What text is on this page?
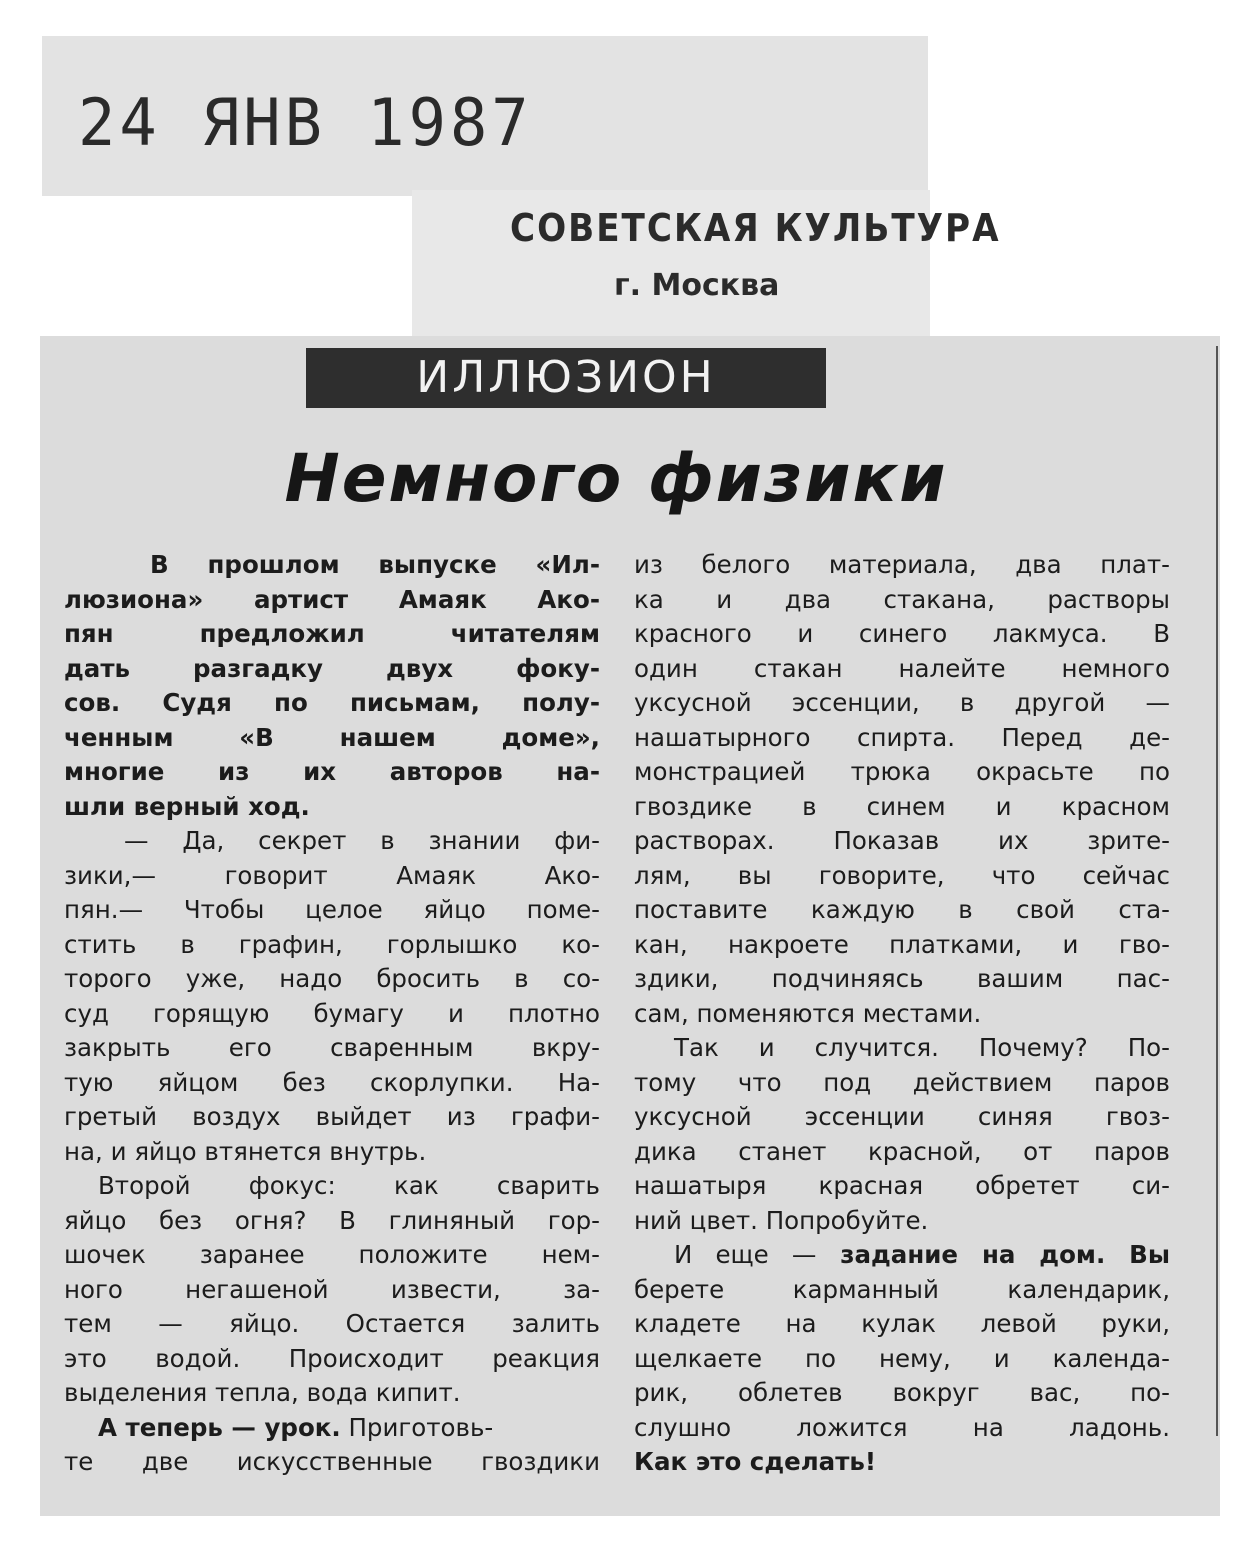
24 ЯНВ 1987
СОВЕТСКАЯ КУЛЬТУРА
г. Москва
ИЛЛЮЗИОН
Немного физики
В прошлом выпуске «Ил-
люзиона» артист Амаяк Ако-
пян предложил читателям
дать разгадку двух фоку-
сов. Судя по письмам, полу-
ченным «В нашем доме»,
многие из их авторов на-
шли верный ход.
— Да, секрет в знании фи-
зики,— говорит Амаяк Ако-
пян.— Чтобы целое яйцо поме-
стить в графин, горлышко ко-
торого уже, надо бросить в со-
суд горящую бумагу и плотно
закрыть его сваренным вкру-
тую яйцом без скорлупки. На-
гретый воздух выйдет из графи-
на, и яйцо втянется внутрь.
Второй фокус: как сварить
яйцо без огня? В глиняный гор-
шочек заранее положите нем-
ного негашеной извести, за-
тем — яйцо. Остается залить
это водой. Происходит реакция
выделения тепла, вода кипит.
А теперь — урок. Приготовь-
те две искусственные гвоздики
из белого материала, два плат-
ка и два стакана, растворы
красного и синего лакмуса. В
один стакан налейте немного
уксусной эссенции, в другой —
нашатырного спирта. Перед де-
монстрацией трюка окрасьте по
гвоздике в синем и красном
растворах. Показав их зрите-
лям, вы говорите, что сейчас
поставите каждую в свой ста-
кан, накроете платками, и гво-
здики, подчиняясь вашим пас-
сам, поменяются местами.
Так и случится. Почему? По-
тому что под действием паров
уксусной эссенции синяя гвоз-
дика станет красной, от паров
нашатыря красная обретет си-
ний цвет. Попробуйте.
И еще — задание на дом. Вы
берете карманный календарик,
кладете на кулак левой руки,
щелкаете по нему, и календа-
рик, облетев вокруг вас, по-
слушно ложится на ладонь.
Как это сделать!
